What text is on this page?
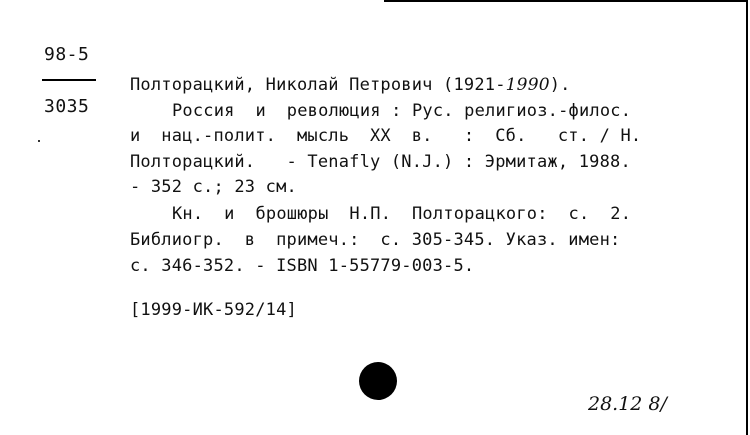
98-5
3035
Полторацкий, Николай Петрович (1921-1990).
Россия  и  революция : Рус. религиоз.-филос.
и  нац.-полит.  мысль  XX  в.   :  Сб.   ст. / Н.
Полторацкий.   - Tenafly (N.J.) : Эрмитаж, 1988.
- 352 с.; 23 см.
Кн.  и  брошюры  Н.П.  Полторацкого:  с.  2.
Библиогр.  в  примеч.:  с. 305-345. Указ. имен:
с. 346-352. - ISBN 1-55779-003-5.
[1999-ИК-592/14]
28.12 8/
